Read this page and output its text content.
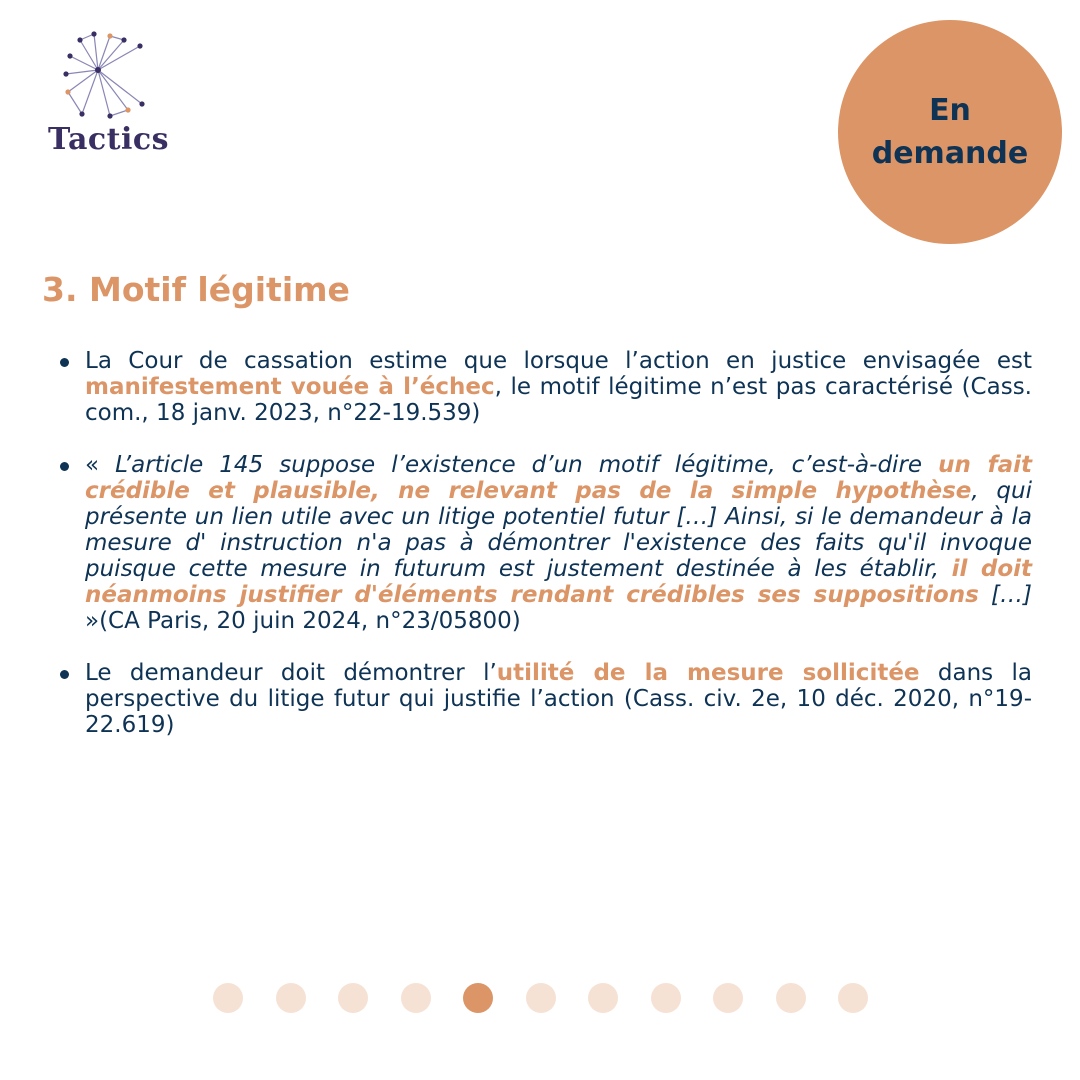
Tactics
En demande
3. Motif légitime

La Cour de cassation estime que lorsque l’action en justice envisagée est manifestement vouée à l’échec, le motif légitime n’est pas caractérisé (Cass. com., 18 janv. 2023, n°22-19.539)

« L’article 145 suppose l’existence d’un motif légitime, c’est-à-dire un fait crédible et plausible, ne relevant pas de la simple hypothèse, qui présente un lien utile avec un litige potentiel futur […] Ainsi, si le demandeur à la mesure d' instruction n'a pas à démontrer l'existence des faits qu'il invoque puisque cette mesure in futurum est justement destinée à les établir, il doit néanmoins justifier d'éléments rendant crédibles ses suppositions […] »(CA Paris, 20 juin 2024, n°23/05800)

Le demandeur doit démontrer l’utilité de la mesure sollicitée dans la perspective du litige futur qui justifie l’action (Cass. civ. 2e, 10 déc. 2020, n°19-22.619)
